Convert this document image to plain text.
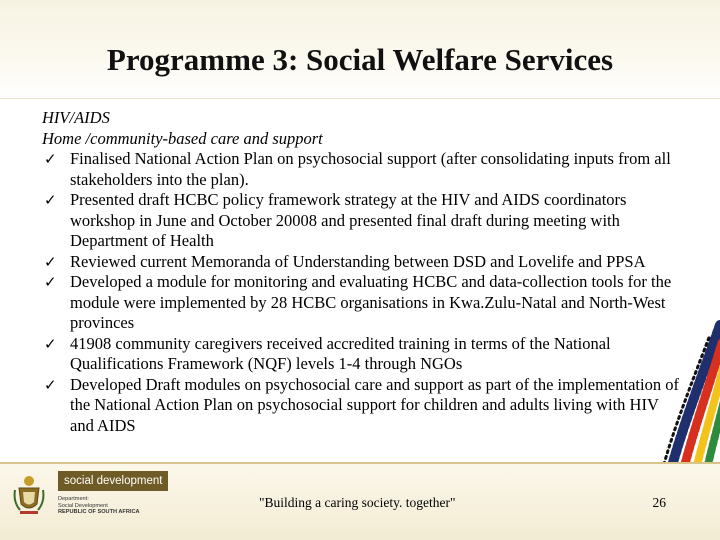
Programme 3: Social Welfare Services
HIV/AIDS
Home /community-based care and support
✓ Finalised National Action Plan on psychosocial support (after consolidating inputs from all stakeholders into the plan).
✓ Presented draft HCBC policy framework strategy at the HIV and AIDS coordinators workshop in June and October 20008 and presented final draft during meeting with Department of Health
✓ Reviewed current Memoranda of Understanding between DSD and Lovelife and PPSA
✓ Developed a module for monitoring and evaluating HCBC and data-collection tools for the module were implemented by 28 HCBC organisations in Kwa.Zulu-Natal and North-West provinces
✓ 41908 community caregivers received accredited training in terms of the National Qualifications Framework (NQF) levels 1-4 through NGOs
✓ Developed Draft modules on psychosocial care and support as part of the implementation of the National Action Plan on psychosocial support for children and adults living with HIV and AIDS
social development
Department:
Social Development
REPUBLIC OF SOUTH AFRICA
"Building a caring society. together"	26
